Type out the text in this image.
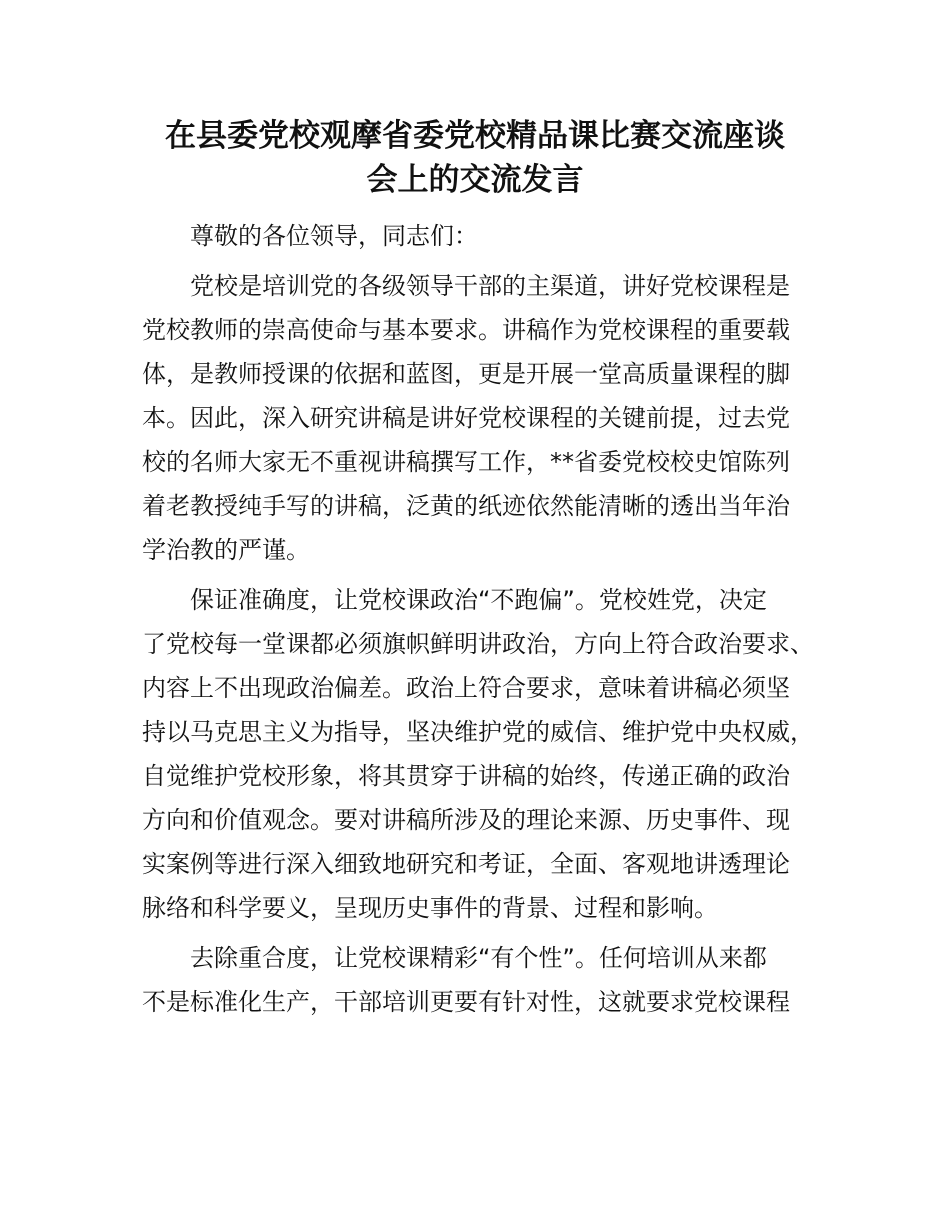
在县委党校观摩省委党校精品课比赛交流座谈
会上的交流发言

尊敬的各位领导，同志们：

党校是培训党的各级领导干部的主渠道，讲好党校课程是

党校教师的崇高使命与基本要求。讲稿作为党校课程的重要载

体，是教师授课的依据和蓝图，更是开展一堂高质量课程的脚

本。因此，深入研究讲稿是讲好党校课程的关键前提，过去党

校的名师大家无不重视讲稿撰写工作，**省委党校校史馆陈列

着老教授纯手写的讲稿，泛黄的纸迹依然能清晰的透出当年治

学治教的严谨。

保证准确度，让党校课政治“不跑偏”。党校姓党，决定

了党校每一堂课都必须旗帜鲜明讲政治，方向上符合政治要求、

内容上不出现政治偏差。政治上符合要求，意味着讲稿必须坚

持以马克思主义为指导，坚决维护党的威信、维护党中央权威，

自觉维护党校形象，将其贯穿于讲稿的始终，传递正确的政治

方向和价值观念。要对讲稿所涉及的理论来源、历史事件、现

实案例等进行深入细致地研究和考证，全面、客观地讲透理论

脉络和科学要义，呈现历史事件的背景、过程和影响。

去除重合度，让党校课精彩“有个性”。任何培训从来都

不是标准化生产，干部培训更要有针对性，这就要求党校课程
